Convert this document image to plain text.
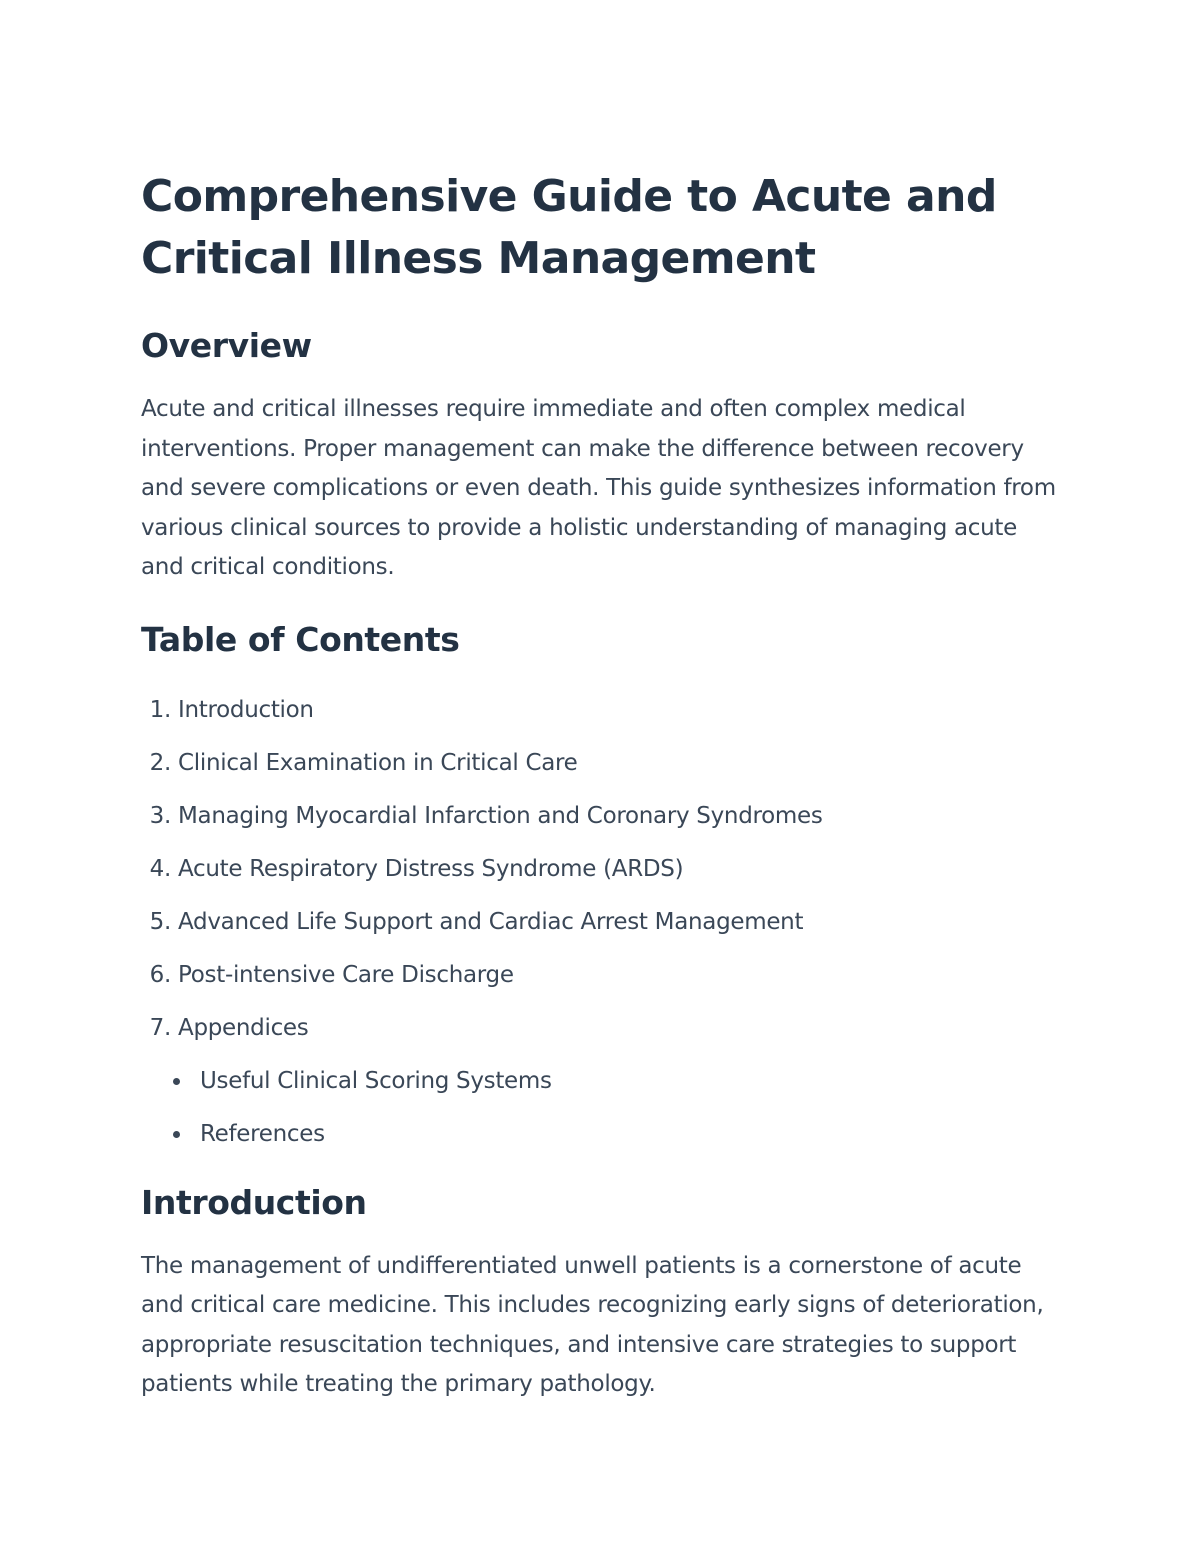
Comprehensive Guide to Acute and Critical Illness Management
Overview

Acute and critical illnesses require immediate and often complex medical interventions. Proper management can make the difference between recovery and severe complications or even death. This guide synthesizes information from various clinical sources to provide a holistic understanding of managing acute and critical conditions.

Table of Contents
1.
Introduction
2.
Clinical Examination in Critical Care
3.
Managing Myocardial Infarction and Coronary Syndromes
4.
Acute Respiratory Distress Syndrome (ARDS)
5.
Advanced Life Support and Cardiac Arrest Management
6.
Post-intensive Care Discharge
7.
Appendices
Useful Clinical Scoring Systems
References
Introduction

The management of undifferentiated unwell patients is a cornerstone of acute and critical care medicine. This includes recognizing early signs of deterioration, appropriate resuscitation techniques, and intensive care strategies to support patients while treating the primary pathology.
